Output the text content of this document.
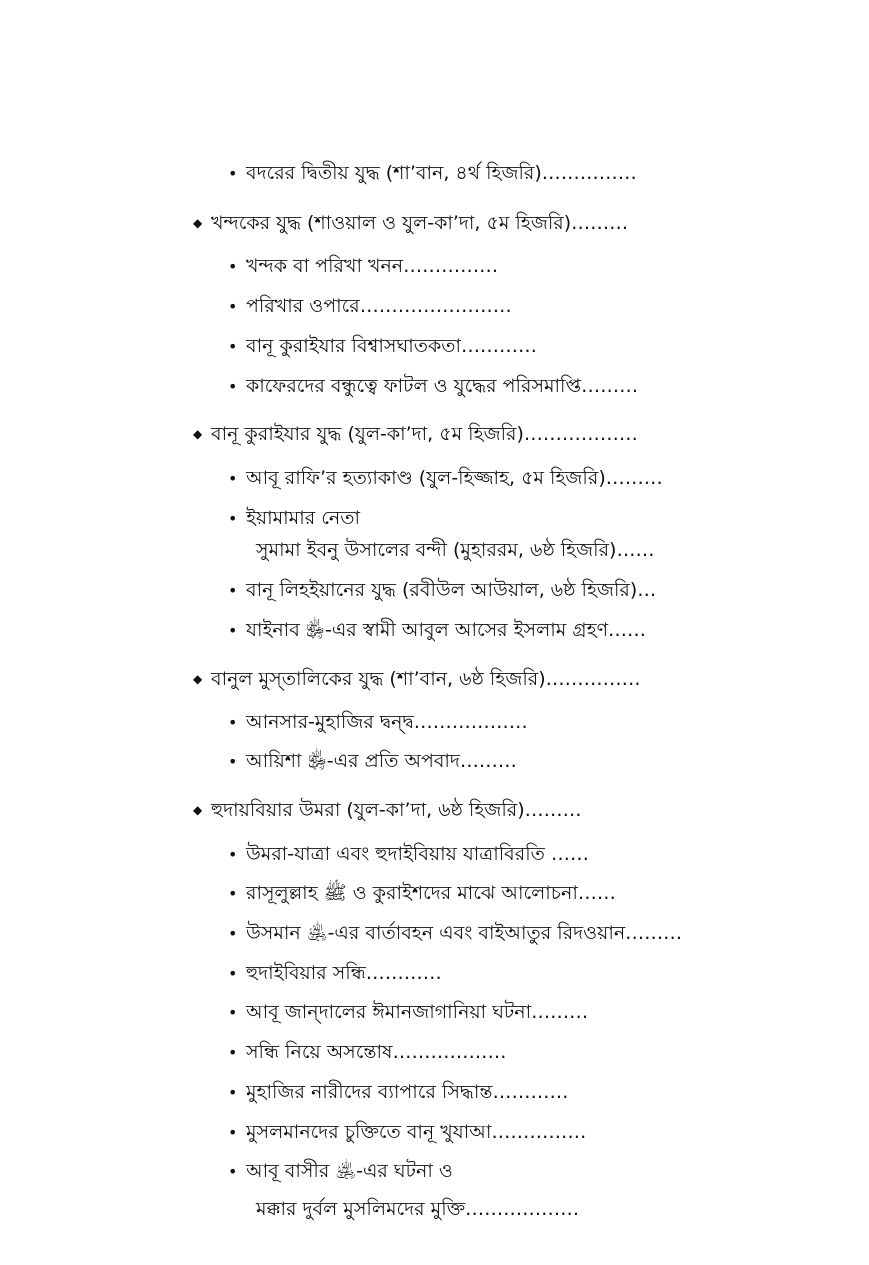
• বদরের দ্বিতীয় যুদ্ধ (শা’বান, ৪র্থ হিজরি)……………
◆ খন্দকের যুদ্ধ (শাওয়াল ও যুল-কা’দা, ৫ম হিজরি)………
• খন্দক বা পরিখা খনন……………
• পরিখার ওপারে……………………
• বানূ কুরাইযার বিশ্বাসঘাতকতা…………
• কাফেরদের বন্ধুত্বে ফাটল ও যুদ্ধের পরিসমাপ্তি………
◆ বানূ কুরাইযার যুদ্ধ (যুল-কা’দা, ৫ম হিজরি)………………
• আবূ রাফি’র হত্যাকাণ্ড (যুল-হিজ্জাহ, ৫ম হিজরি)………
• ইয়ামামার নেতা
সুমামা ইবনু উসালের বন্দী (মুহাররম, ৬ষ্ঠ হিজরি)……
• বানূ লিহইয়ানের যুদ্ধ (রবীউল আউয়াল, ৬ষ্ঠ হিজরি)…
• যাইনাব ﵂-এর স্বামী আবুল আসের ইসলাম গ্রহণ……
◆ বানুল মুস্‌তালিকের যুদ্ধ (শা’বান, ৬ষ্ঠ হিজরি)……………
• আনসার-মুহাজির দ্বন্দ্ব………………
• আয়িশা ﵂-এর প্রতি অপবাদ………
◆ হুদায়বিয়ার উমরা (যুল-কা’দা, ৬ষ্ঠ হিজরি)………
• উমরা-যাত্রা এবং হুদাইবিয়ায় যাত্রাবিরতি ……
• রাসূলুল্লাহ ﷺ ও কুরাইশদের মাঝে আলোচনা……
• উসমান ﵁-এর বার্তাবহন এবং বাইআতুর রিদওয়ান………
• হুদাইবিয়ার সন্ধি…………
• আবূ জান্‌দালের ঈমানজাগানিয়া ঘটনা………
• সন্ধি নিয়ে অসন্তোষ………………
• মুহাজির নারীদের ব্যাপারে সিদ্ধান্ত…………
• মুসলমানদের চুক্তিতে বানূ খুযাআ……………
• আবূ বাসীর ﵁-এর ঘটনা ও
মক্কার দুর্বল মুসলিমদের মুক্তি………………
